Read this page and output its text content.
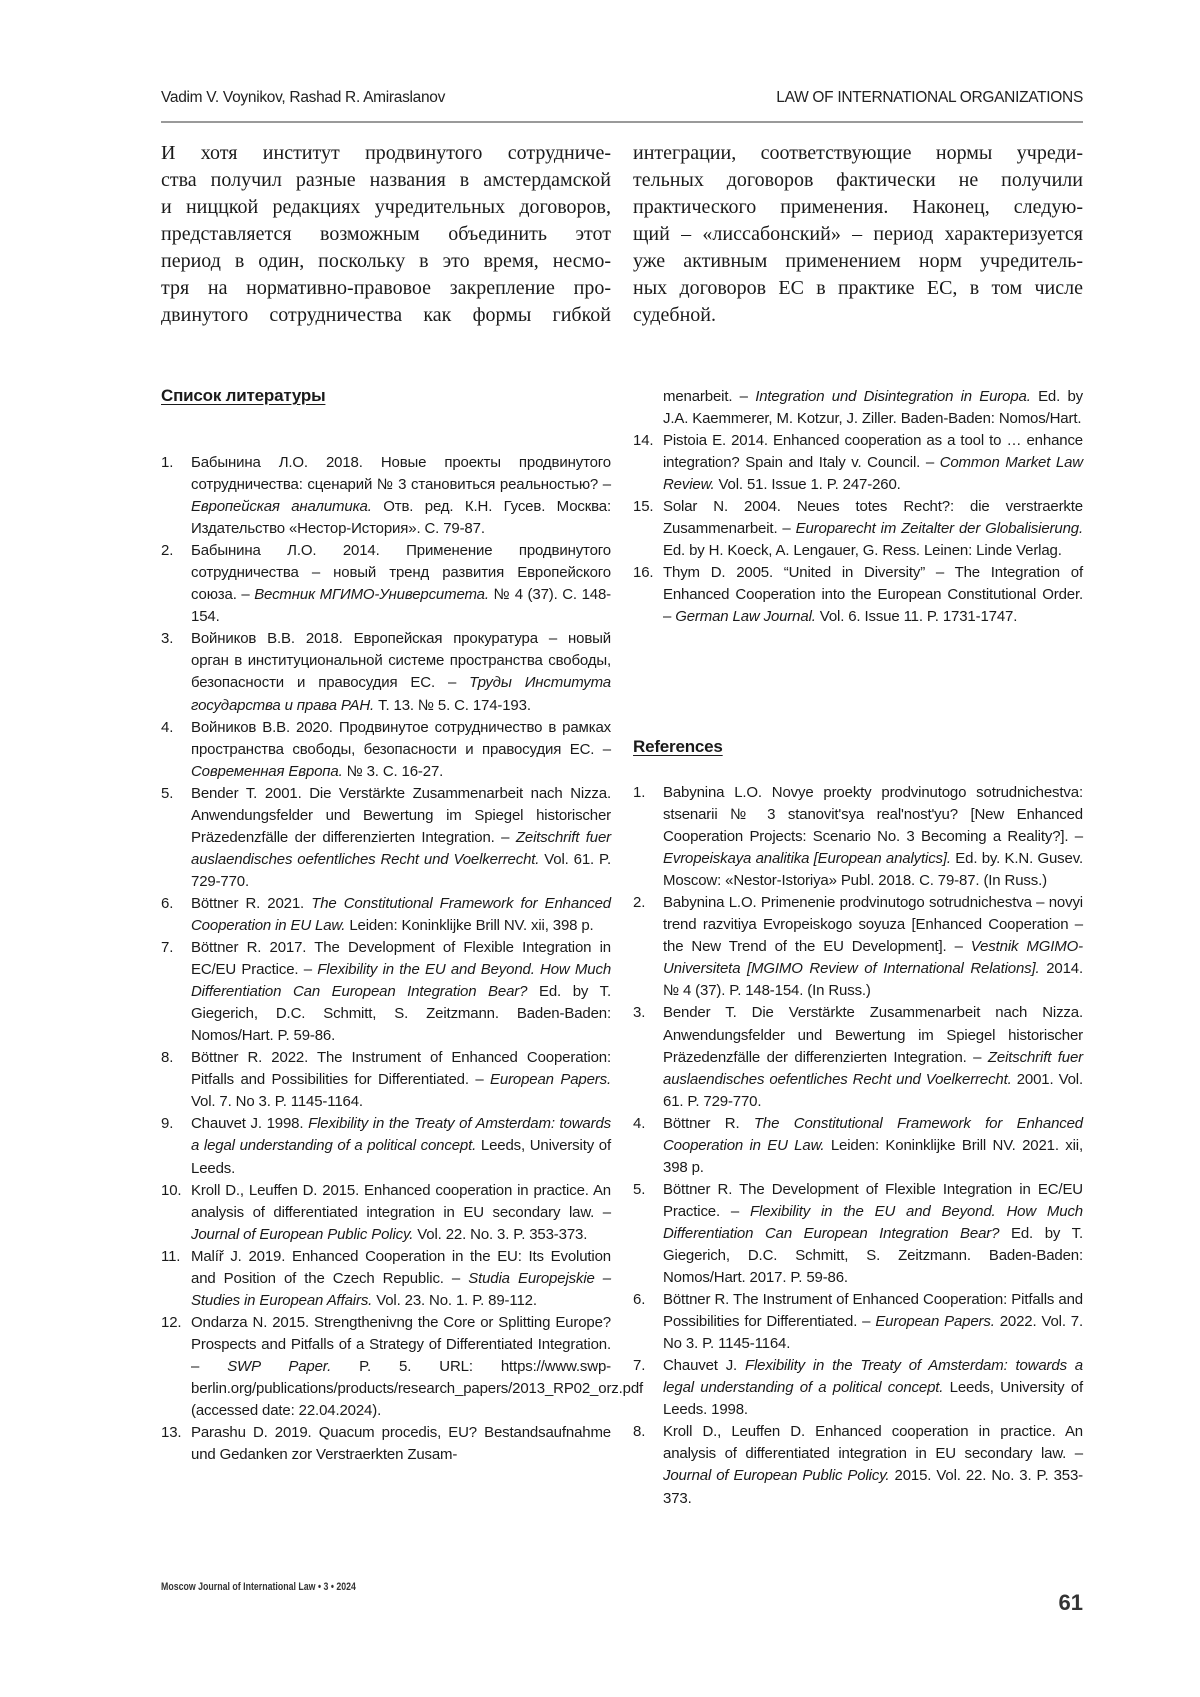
Vadim V. Voynikov, Rashad R. Amiraslanov	LAW OF INTERNATIONAL ORGANIZATIONS
И хотя институт продвинутого сотрудниче-
ства получил разные названия в амстердамской
и ниццкой редакциях учредительных договоров,
представляется возможным объединить этот
период в один, поскольку в это время, несмо-
тря на нормативно-правовое закрепление про-
двинутого сотрудничества как формы гибкой
интеграции, соответствующие нормы учреди-
тельных договоров фактически не получили
практического применения. Наконец, следую-
щий – «лиссабонский» – период характеризуется
уже активным применением норм учредитель-
ных договоров ЕС в практике ЕС, в том числе
судебной.
Список литературы
1. Бабынина Л.О. 2018. Новые проекты продвинутого сотрудничества: сценарий № 3 становиться реальностью? – Европейская аналитика. Отв. ред. К.Н. Гусев. Москва: Издательство «Нестор-История». С. 79-87.
2. Бабынина Л.О. 2014. Применение продвинутого сотрудничества – новый тренд развития Европейского союза. – Вестник МГИМО-Университета. № 4 (37). С. 148-154.
3. Войников В.В. 2018. Европейская прокуратура – новый орган в институциональной системе пространства свободы, безопасности и правосудия ЕС. – Труды Института государства и права РАН. Т. 13. № 5. С. 174-193.
4. Войников В.В. 2020. Продвинутое сотрудничество в рамках пространства свободы, безопасности и правосудия ЕС. – Современная Европа. № 3. С. 16-27.
5. Bender T. 2001. Die Verstärkte Zusammenarbeit nach Nizza. Anwendungsfelder und Bewertung im Spiegel historischer Präzedenzfälle der differenzierten Integration. – Zeitschrift fuer auslaendisches oefentliches Recht und Voelkerrecht. Vol. 61. P. 729-770.
6. Böttner R. 2021. The Constitutional Framework for Enhanced Cooperation in EU Law. Leiden: Koninklijke Brill NV. xii, 398 p.
7. Böttner R. 2017. The Development of Flexible Integration in EC/EU Practice. – Flexibility in the EU and Beyond. How Much Differentiation Can European Integration Bear? Ed. by T. Giegerich, D.C. Schmitt, S. Zeitzmann. Baden-Baden: Nomos/Hart. P. 59-86.
8. Böttner R. 2022. The Instrument of Enhanced Cooperation: Pitfalls and Possibilities for Differentiated. – European Papers. Vol. 7. No 3. P. 1145-1164.
9. Chauvet J. 1998. Flexibility in the Treaty of Amsterdam: towards a legal understanding of a political concept. Leeds, University of Leeds.
10. Kroll D., Leuffen D. 2015. Enhanced cooperation in practice. An analysis of differentiated integration in EU secondary law. – Journal of European Public Policy. Vol. 22. No. 3. P. 353-373.
11. Malíř J. 2019. Enhanced Cooperation in the EU: Its Evolution and Position of the Czech Republic. – Studia Europejskie – Studies in European Affairs. Vol. 23. No. 1. P. 89-112.
12. Ondarza N. 2015. Strengthenivng the Core or Splitting Europe? Prospects and Pitfalls of a Strategy of Differentiated Integration. – SWP Paper. P. 5. URL: https://www.swp-berlin.org/publications/products/research_papers/2013_RP02_orz.pdf (accessed date: 22.04.2024).
13. Parashu D. 2019. Quacum procedis, EU? Bestandsaufnahme und Gedanken zor Verstraerkten Zusam-
menarbeit. – Integration und Disintegration in Europa. Ed. by J.A. Kaemmerer, M. Kotzur, J. Ziller. Baden-Baden: Nomos/Hart.
14. Pistoia E. 2014. Enhanced cooperation as a tool to … enhance integration? Spain and Italy v. Council. – Common Market Law Review. Vol. 51. Issue 1. P. 247-260.
15. Solar N. 2004. Neues totes Recht?: die verstraerkte Zusammenarbeit. – Europarecht im Zeitalter der Globalisierung. Ed. by H. Koeck, A. Lengauer, G. Ress. Leinen: Linde Verlag.
16. Thym D. 2005. “United in Diversity” – The Integration of Enhanced Cooperation into the European Constitutional Order. – German Law Journal. Vol. 6. Issue 11. P. 1731-1747.
References
1. Babynina L.O. Novye proekty prodvinutogo sotrudnichestva: stsenarii № 3 stanovit'sya real'nost'yu? [New Enhanced Cooperation Projects: Scenario No. 3 Becoming a Reality?]. – Evropeiskaya analitika [European analytics]. Ed. by. K.N. Gusev. Moscow: «Nestor-Istoriya» Publ. 2018. C. 79-87. (In Russ.)
2. Babynina L.O. Primenenie prodvinutogo sotrudnichestva – novyi trend razvitiya Evropeiskogo soyuza [Enhanced Cooperation – the New Trend of the EU Development]. – Vestnik MGIMO-Universiteta [MGIMO Review of International Relations]. 2014. № 4 (37). P. 148-154. (In Russ.)
3. Bender T. Die Verstärkte Zusammenarbeit nach Nizza. Anwendungsfelder und Bewertung im Spiegel historischer Präzedenzfälle der differenzierten Integration. – Zeitschrift fuer auslaendisches oefentliches Recht und Voelkerrecht. 2001. Vol. 61. P. 729-770.
4. Böttner R. The Constitutional Framework for Enhanced Cooperation in EU Law. Leiden: Koninklijke Brill NV. 2021. xii, 398 p.
5. Böttner R. The Development of Flexible Integration in EC/EU Practice. – Flexibility in the EU and Beyond. How Much Differentiation Can European Integration Bear? Ed. by T. Giegerich, D.C. Schmitt, S. Zeitzmann. Baden-Baden: Nomos/Hart. 2017. P. 59-86.
6. Böttner R. The Instrument of Enhanced Cooperation: Pitfalls and Possibilities for Differentiated. – European Papers. 2022. Vol. 7. No 3. P. 1145-1164.
7. Chauvet J. Flexibility in the Treaty of Amsterdam: towards a legal understanding of a political concept. Leeds, University of Leeds. 1998.
8. Kroll D., Leuffen D. Enhanced cooperation in practice. An analysis of differentiated integration in EU secondary law. – Journal of European Public Policy. 2015. Vol. 22. No. 3. P. 353-373.
Moscow Journal of International Law • 3 • 2024
61
